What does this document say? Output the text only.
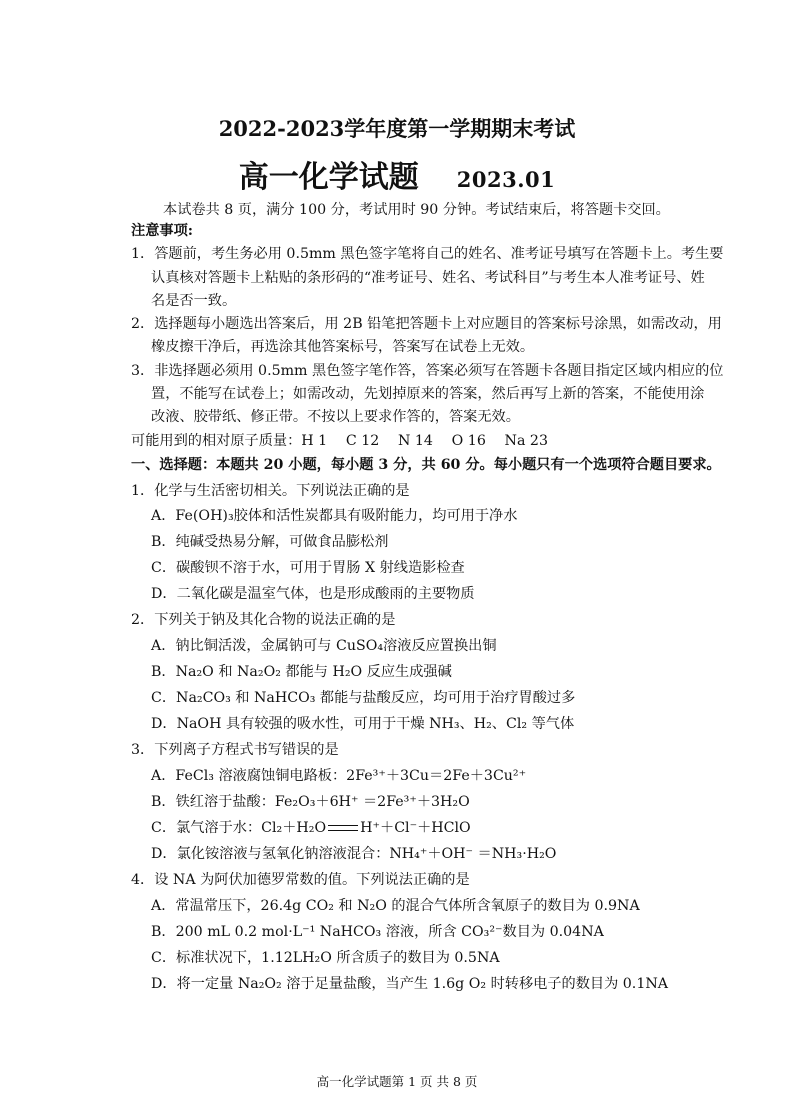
2022-2023学年度第一学期期末考试
高一化学试题 2023.01
本试卷共 8 页，满分 100 分，考试用时 90 分钟。考试结束后，将答题卡交回。
注意事项:
1．答题前，考生务必用 0.5mm 黑色签字笔将自己的姓名、准考证号填写在答题卡上。考生要
认真核对答题卡上粘贴的条形码的“准考证号、姓名、考试科目”与考生本人准考证号、姓
名是否一致。
2．选择题每小题选出答案后，用 2B 铅笔把答题卡上对应题目的答案标号涂黑，如需改动，用
橡皮擦干净后，再选涂其他答案标号，答案写在试卷上无效。
3．非选择题必须用 0.5mm 黑色签字笔作答，答案必须写在答题卡各题目指定区域内相应的位
置，不能写在试卷上；如需改动，先划掉原来的答案，然后再写上新的答案，不能使用涂
改液、胶带纸、修正带。不按以上要求作答的，答案无效。
可能用到的相对原子质量：H 1　 C 12　 N 14　 O 16　 Na 23
一、选择题：本题共 20 小题，每小题 3 分，共 60 分。每小题只有一个选项符合题目要求。
1．化学与生活密切相关。下列说法正确的是
A．Fe(OH)₃胶体和活性炭都具有吸附能力，均可用于净水
B．纯碱受热易分解，可做食品膨松剂
C．碳酸钡不溶于水，可用于胃肠 X 射线造影检查
D．二氧化碳是温室气体，也是形成酸雨的主要物质
2．下列关于钠及其化合物的说法正确的是
A．钠比铜活泼，金属钠可与 CuSO₄溶液反应置换出铜
B．Na₂O 和 Na₂O₂ 都能与 H₂O 反应生成强碱
C．Na₂CO₃ 和 NaHCO₃ 都能与盐酸反应，均可用于治疗胃酸过多
D．NaOH 具有较强的吸水性，可用于干燥 NH₃、H₂、Cl₂ 等气体
3．下列离子方程式书写错误的是
A．FeCl₃ 溶液腐蚀铜电路板：2Fe³⁺＋3Cu＝2Fe＋3Cu²⁺
B．铁红溶于盐酸：Fe₂O₃＋6H⁺ ＝2Fe³⁺＋3H₂O
C．氯气溶于水：Cl₂＋H₂O H⁺＋Cl⁻＋HClO
D．氯化铵溶液与氢氧化钠溶液混合：NH₄⁺＋OH⁻ ＝NH₃·H₂O
4．设 NA 为阿伏加德罗常数的值。下列说法正确的是
A．常温常压下，26.4g CO₂ 和 N₂O 的混合气体所含氧原子的数目为 0.9NA
B．200 mL 0.2 mol·L⁻¹ NaHCO₃ 溶液，所含 CO₃²⁻数目为 0.04NA
C．标准状况下，1.12LH₂O 所含质子的数目为 0.5NA
D．将一定量 Na₂O₂ 溶于足量盐酸，当产生 1.6g O₂ 时转移电子的数目为 0.1NA
高一化学试题第 1 页 共 8 页
